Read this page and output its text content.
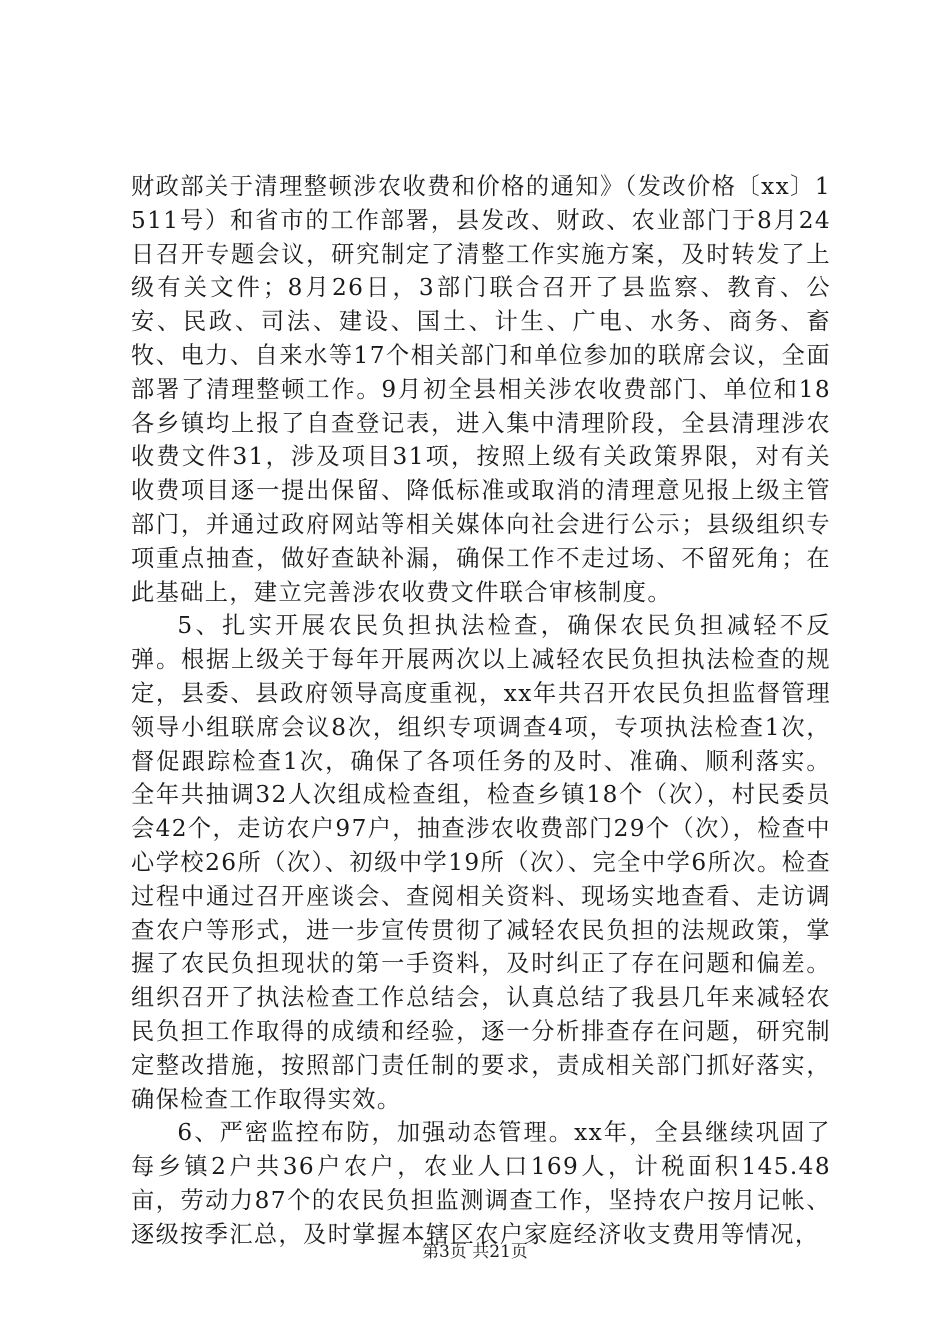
财政部关于清理整顿涉农收费和价格的通知》（发改价格〔xx〕1511号）和省市的工作部署，县发改、财政、农业部门于8月24日召开专题会议，研究制定了清整工作实施方案，及时转发了上级有关文件；8月26日，3部门联合召开了县监察、教育、公安、民政、司法、建设、国土、计生、广电、水务、商务、畜牧、电力、自来水等17个相关部门和单位参加的联席会议，全面部署了清理整顿工作。9月初全县相关涉农收费部门、单位和18各乡镇均上报了自查登记表，进入集中清理阶段，全县清理涉农收费文件31，涉及项目31项，按照上级有关政策界限，对有关收费项目逐一提出保留、降低标准或取消的清理意见报上级主管部门，并通过政府网站等相关媒体向社会进行公示；县级组织专项重点抽查，做好查缺补漏，确保工作不走过场、不留死角；在此基础上，建立完善涉农收费文件联合审核制度。

5、扎实开展农民负担执法检查，确保农民负担减轻不反弹。根据上级关于每年开展两次以上减轻农民负担执法检查的规定，县委、县政府领导高度重视，xx年共召开农民负担监督管理领导小组联席会议8次，组织专项调查4项，专项执法检查1次，督促跟踪检查1次，确保了各项任务的及时、准确、顺利落实。全年共抽调32人次组成检查组，检查乡镇18个（次），村民委员会42个，走访农户97户，抽查涉农收费部门29个（次），检查中心学校26所（次）、初级中学19所（次）、完全中学6所次。检查过程中通过召开座谈会、查阅相关资料、现场实地查看、走访调查农户等形式，进一步宣传贯彻了减轻农民负担的法规政策，掌握了农民负担现状的第一手资料，及时纠正了存在问题和偏差。组织召开了执法检查工作总结会，认真总结了我县几年来减轻农民负担工作取得的成绩和经验，逐一分析排查存在问题，研究制定整改措施，按照部门责任制的要求，责成相关部门抓好落实，确保检查工作取得实效。

6、严密监控布防，加强动态管理。xx年，全县继续巩固了每乡镇2户共36户农户，农业人口169人，计税面积145.48亩，劳动力87个的农民负担监测调查工作，坚持农户按月记帐、逐级按季汇总，及时掌握本辖区农户家庭经济收支费用等情况，

第3页 共21页
